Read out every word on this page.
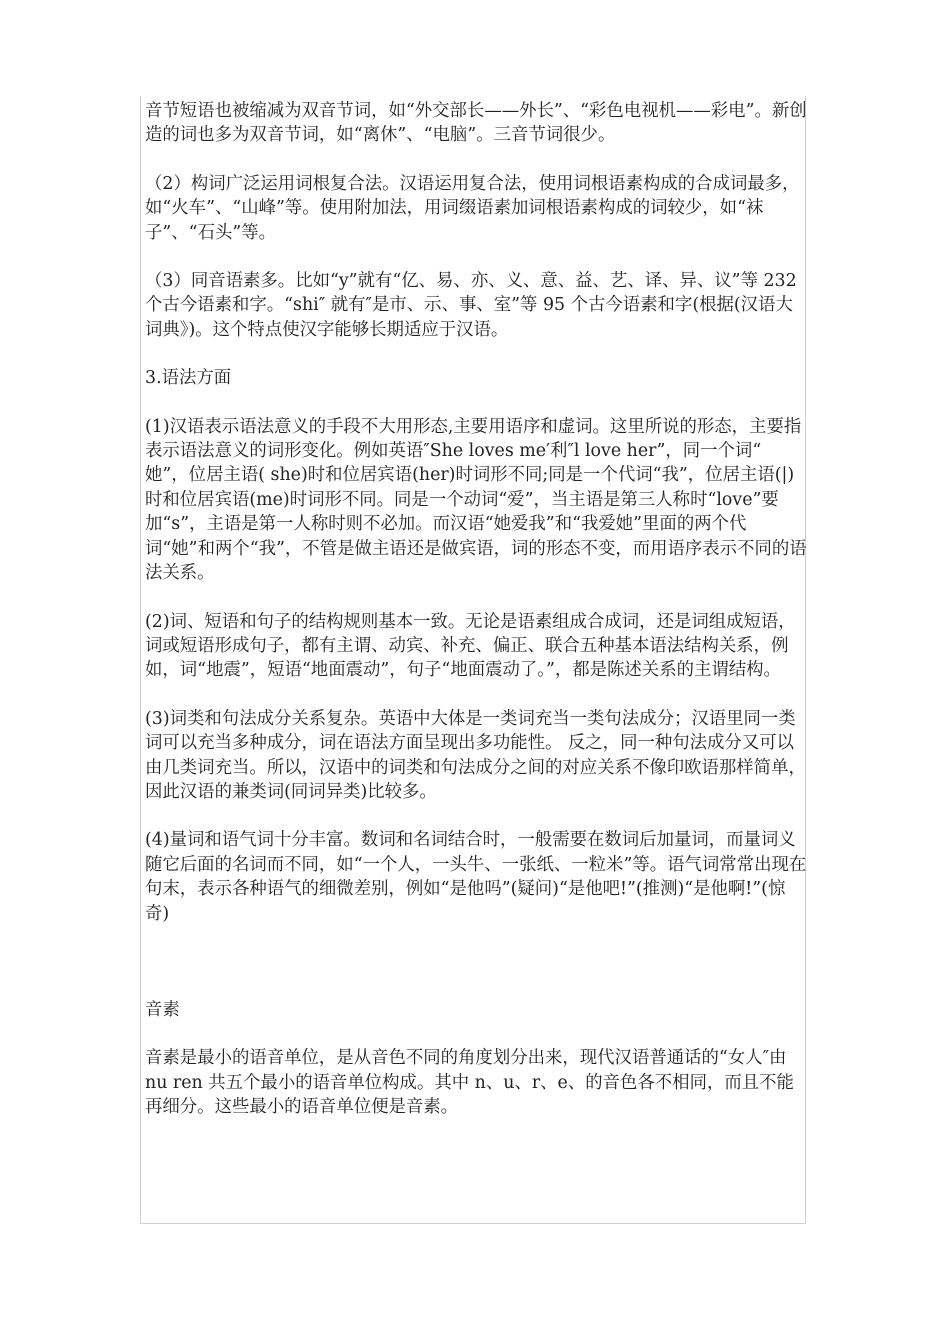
音节短语也被缩减为双音节词，如“外交部长——外长”、“彩色电视机——彩电”。新创造的词也多为双音节词，如“离休”、“电脑”。三音节词很少。

（2）构词广泛运用词根复合法。汉语运用复合法，使用词根语素构成的合成词最多，如“火车”、“山峰”等。使用附加法，用词缀语素加词根语素构成的词较少，如“袜子”、“石头”等。

（3）同音语素多。比如“y”就有“亿、易、亦、义、意、益、艺、译、异、议”等 232 个古今语素和字。“shi″ 就有″是市、示、事、室”等 95 个古今语素和字(根据(汉语大词典》)。这个特点使汉字能够长期适应于汉语。

3.语法方面

(1)汉语表示语法意义的手段不大用形态,主要用语序和虚词。这里所说的形态，主要指表示语法意义的词形变化。例如英语″She loves me′利″l love her”，同一个词“ 她”，位居主语( she)时和位居宾语(her)时词形不同;同是一个代词“我”，位居主语(|)时和位居宾语(me)时词形不同。同是一个动词“爱”，当主语是第三人称时“love”要加“s”，主语是第一人称时则不必加。而汉语“她爱我”和“我爱她”里面的两个代词“她”和两个“我”，不管是做主语还是做宾语，词的形态不变，而用语序表示不同的语法关系。

(2)词、短语和句子的结构规则基本一致。无论是语素组成合成词，还是词组成短语，词或短语形成句子，都有主谓、动宾、补充、偏正、联合五种基本语法结构关系，例如，词“地震”，短语“地面震动”，句子“地面震动了。”，都是陈述关系的主谓结构。

(3)词类和句法成分关系复杂。英语中大体是一类词充当一类句法成分；汉语里同一类词可以充当多种成分，词在语法方面呈现出多功能性。 反之，同一种句法成分又可以由几类词充当。所以，汉语中的词类和句法成分之间的对应关系不像印欧语那样简单，因此汉语的兼类词(同词异类)比较多。

(4)量词和语气词十分丰富。数词和名词结合时，一般需要在数词后加量词，而量词义随它后面的名词而不同，如“一个人，一头牛、一张纸、一粒米”等。语气词常常出现在句末，表示各种语气的细微差别，例如“是他吗”(疑问)“是他吧!”(推测)“是他啊!”(惊奇)

音素

音素是最小的语音单位，是从音色不同的角度划分出来，现代汉语普通话的“女人″由 nu ren 共五个最小的语音单位构成。其中 n、u、r、e、的音色各不相同，而且不能再细分。这些最小的语音单位便是音素。
